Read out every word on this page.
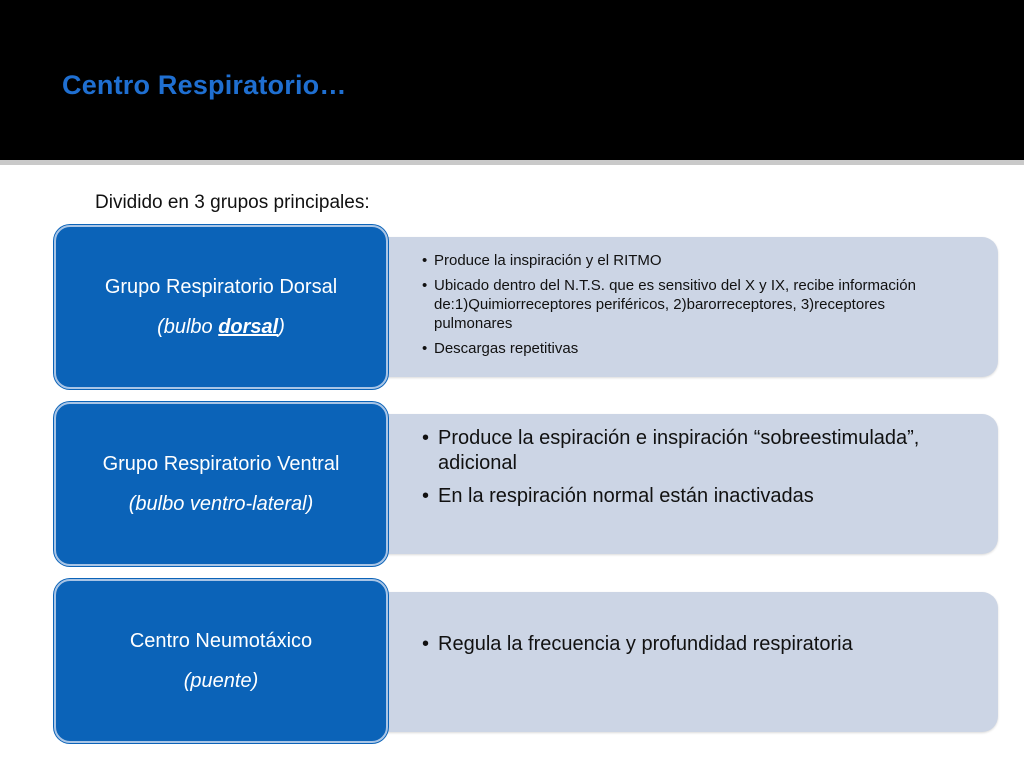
Centro Respiratorio…
Dividido en 3 grupos principales:
• Produce la inspiración y el RITMO
• Ubicado dentro del N.T.S. que es sensitivo del X y IX, recibe información de:1)Quimiorreceptores periféricos, 2)barorreceptores, 3)receptores pulmonares
• Descargas repetitivas
Grupo Respiratorio Dorsal
(bulbo dorsal)
• Produce la espiración e inspiración “sobreestimulada”, adicional
• En la respiración normal están inactivadas
Grupo Respiratorio Ventral
(bulbo ventro-lateral)
• Regula la frecuencia y profundidad respiratoria
Centro Neumotáxico
(puente)
